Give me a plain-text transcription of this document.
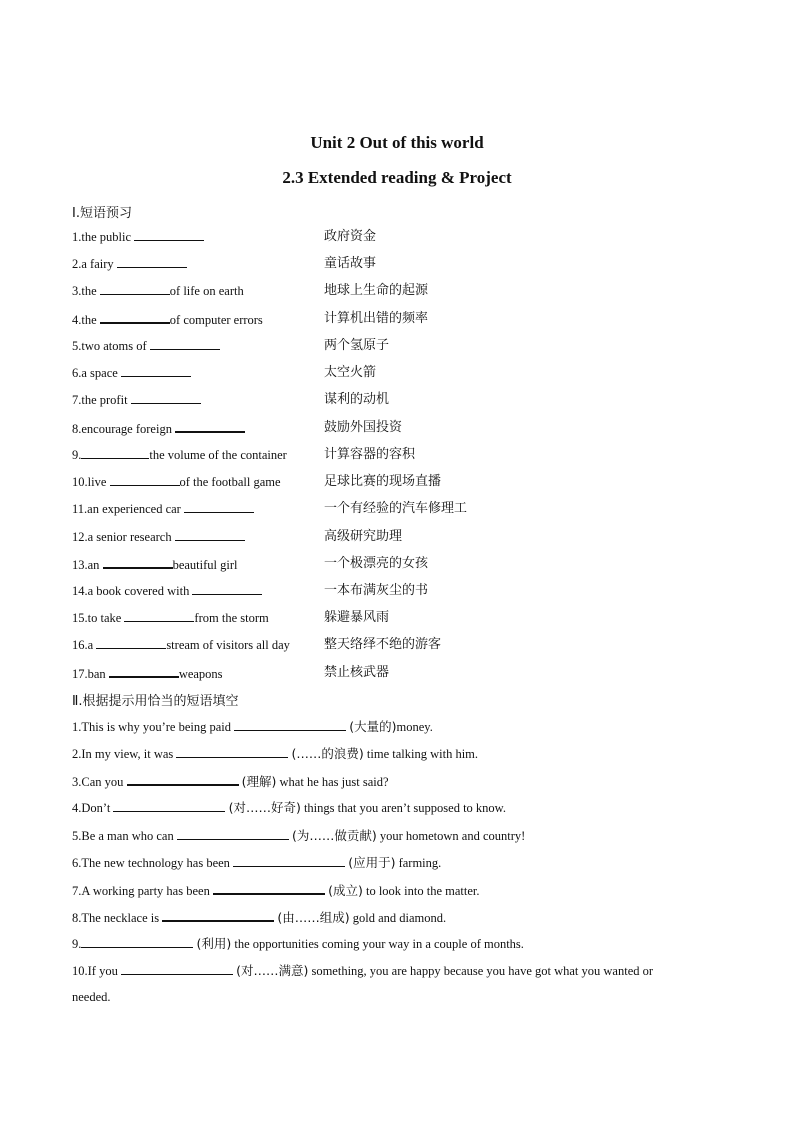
Unit 2 Out of this world
2.3 Extended reading & Project
Ⅰ.短语预习
1.the public	政府资金
2.a fairy	童话故事
3.the	of life on earth	地球上生命的起源
4.the	of computer errors	计算机出错的频率
5.two atoms of	两个氢原子
6.a space	太空火箭
7.the profit	谋利的动机
8.encourage foreign	鼓励外国投资
9.	the volume of the container	计算容器的容积
10.live	of the football game	足球比赛的现场直播
11.an experienced car	一个有经验的汽车修理工
12.a senior research	高级研究助理
13.an	beautiful girl	一个极漂亮的女孩
14.a book covered with	一本布满灰尘的书
15.to take	from the storm	躲避暴风雨
16.a	stream of visitors all day	整天络绎不绝的游客
17.ban	weapons	禁止核武器
Ⅱ.根据提示用恰当的短语填空
1.This is why you’re being paid	(大量的)money.
2.In my view, it was	(……的浪费) time talking with him.
3.Can you	(理解) what he has just said?
4.Don’t	(对……好奇) things that you aren’t supposed to know.
5.Be a man who can	(为……做贡献) your hometown and country!
6.The new technology has been	(应用于) farming.
7.A working party has been	(成立) to look into the matter.
8.The necklace is	(由……组成) gold and diamond.
9.	(利用) the opportunities coming your way in a couple of months.
10.If you	(对……满意) something, you are happy because you have got what you wanted or
needed.
